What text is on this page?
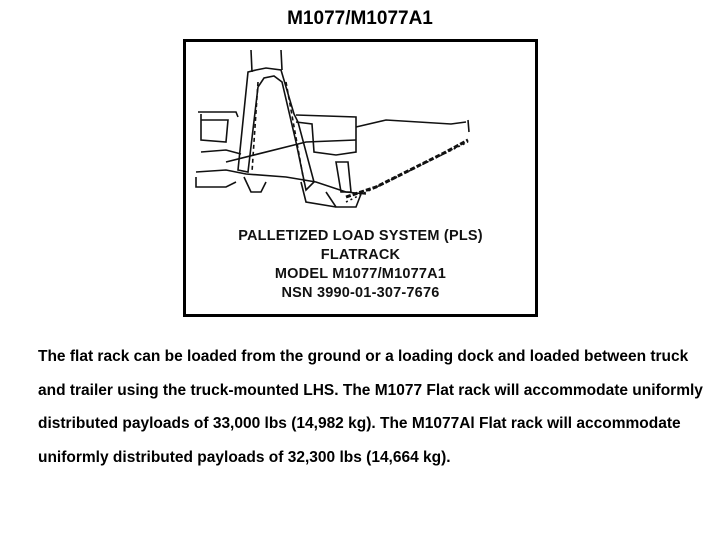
M1077/M1077A1
PALLETIZED LOAD SYSTEM (PLS)
FLATRACK
MODEL M1077/M1077A1
NSN 3990-01-307-7676
The flat rack can be loaded from the ground or a loading dock and loaded between truck and trailer using the truck-mounted LHS. The M1077 Flat rack will accommodate uniformly distributed payloads of 33,000 lbs (14,982 kg). The M1077Al Flat rack will accommodate uniformly distributed payloads of 32,300 lbs (14,664 kg).
